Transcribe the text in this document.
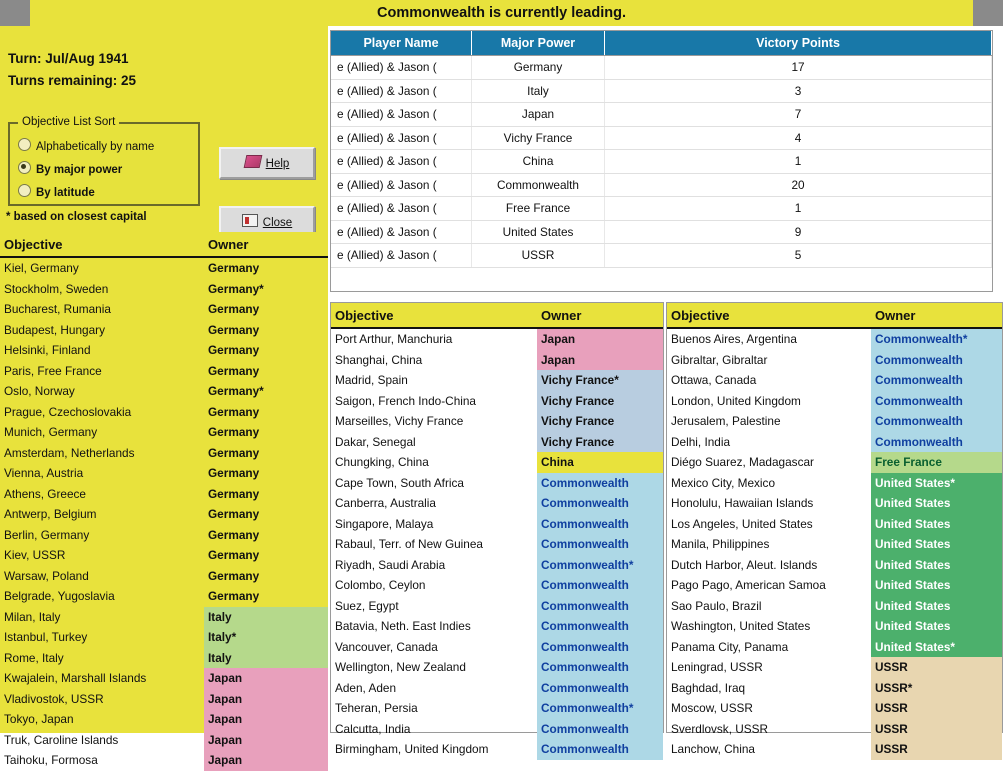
Commonwealth is currently leading.
Turn: Jul/Aug 1941
Turns remaining: 25
Objective List Sort
Alphabetically by name
By major power
By latitude
* based on closest capital
Help
Close
Objective	Owner
Kiel, Germany	Germany
Stockholm, Sweden	Germany*
Bucharest, Rumania	Germany
Budapest, Hungary	Germany
Helsinki, Finland	Germany
Paris, Free France	Germany
Oslo, Norway	Germany*
Prague, Czechoslovakia	Germany
Munich, Germany	Germany
Amsterdam, Netherlands	Germany
Vienna, Austria	Germany
Athens, Greece	Germany
Antwerp, Belgium	Germany
Berlin, Germany	Germany
Kiev, USSR	Germany
Warsaw, Poland	Germany
Belgrade, Yugoslavia	Germany
Milan, Italy	Italy
Istanbul, Turkey	Italy*
Rome, Italy	Italy
Kwajalein, Marshall Islands	Japan
Vladivostok, USSR	Japan
Tokyo, Japan	Japan
Truk, Caroline Islands	Japan
Taihoku, Formosa	Japan
Player Name	Major Power	Victory Points
e (Allied) & Jason (	Germany	17
e (Allied) & Jason (	Italy	3
e (Allied) & Jason (	Japan	7
e (Allied) & Jason (	Vichy France	4
e (Allied) & Jason (	China	1
e (Allied) & Jason (	Commonwealth	20
e (Allied) & Jason (	Free France	1
e (Allied) & Jason (	United States	9
e (Allied) & Jason (	USSR	5
Objective	Owner
Port Arthur, Manchuria	Japan
Shanghai, China	Japan
Madrid, Spain	Vichy France*
Saigon, French Indo-China	Vichy France
Marseilles, Vichy France	Vichy France
Dakar, Senegal	Vichy France
Chungking, China	China
Cape Town, South Africa	Commonwealth
Canberra, Australia	Commonwealth
Singapore, Malaya	Commonwealth
Rabaul, Terr. of New Guinea	Commonwealth
Riyadh, Saudi Arabia	Commonwealth*
Colombo, Ceylon	Commonwealth
Suez, Egypt	Commonwealth
Batavia, Neth. East Indies	Commonwealth
Vancouver, Canada	Commonwealth
Wellington, New Zealand	Commonwealth
Aden, Aden	Commonwealth
Teheran, Persia	Commonwealth*
Calcutta, India	Commonwealth
Birmingham, United Kingdom	Commonwealth
Objective	Owner
Buenos Aires, Argentina	Commonwealth*
Gibraltar, Gibraltar	Commonwealth
Ottawa, Canada	Commonwealth
London, United Kingdom	Commonwealth
Jerusalem, Palestine	Commonwealth
Delhi, India	Commonwealth
Diégo Suarez, Madagascar	Free France
Mexico City, Mexico	United States*
Honolulu, Hawaiian Islands	United States
Los Angeles, United States	United States
Manila, Philippines	United States
Dutch Harbor, Aleut. Islands	United States
Pago Pago, American Samoa	United States
Sao Paulo, Brazil	United States
Washington, United States	United States
Panama City, Panama	United States*
Leningrad, USSR	USSR
Baghdad, Iraq	USSR*
Moscow, USSR	USSR
Sverdlovsk, USSR	USSR
Lanchow, China	USSR
